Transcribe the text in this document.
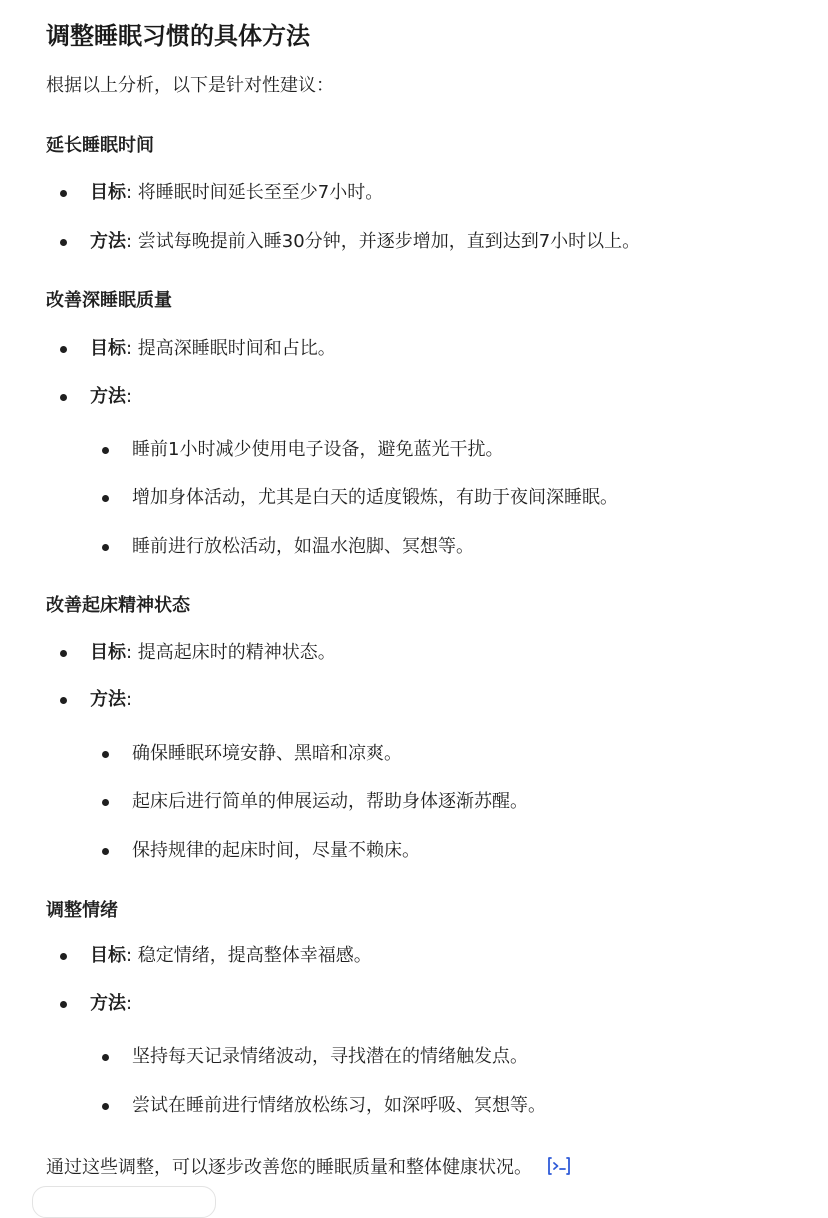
调整睡眠习惯的具体方法

根据以上分析，以下是针对性建议：

延长睡眠时间
目标: 将睡眠时间延长至至少7小时。
方法: 尝试每晚提前入睡30分钟，并逐步增加，直到达到7小时以上。
改善深睡眠质量
目标: 提高深睡眠时间和占比。
方法:
睡前1小时减少使用电子设备，避免蓝光干扰。
增加身体活动，尤其是白天的适度锻炼，有助于夜间深睡眠。
睡前进行放松活动，如温水泡脚、冥想等。
改善起床精神状态
目标: 提高起床时的精神状态。
方法:
确保睡眠环境安静、黑暗和凉爽。
起床后进行简单的伸展运动，帮助身体逐渐苏醒。
保持规律的起床时间，尽量不赖床。
调整情绪
目标: 稳定情绪，提高整体幸福感。
方法:
坚持每天记录情绪波动，寻找潜在的情绪触发点。
尝试在睡前进行情绪放松练习，如深呼吸、冥想等。

通过这些调整，可以逐步改善您的睡眠质量和整体健康状况。
